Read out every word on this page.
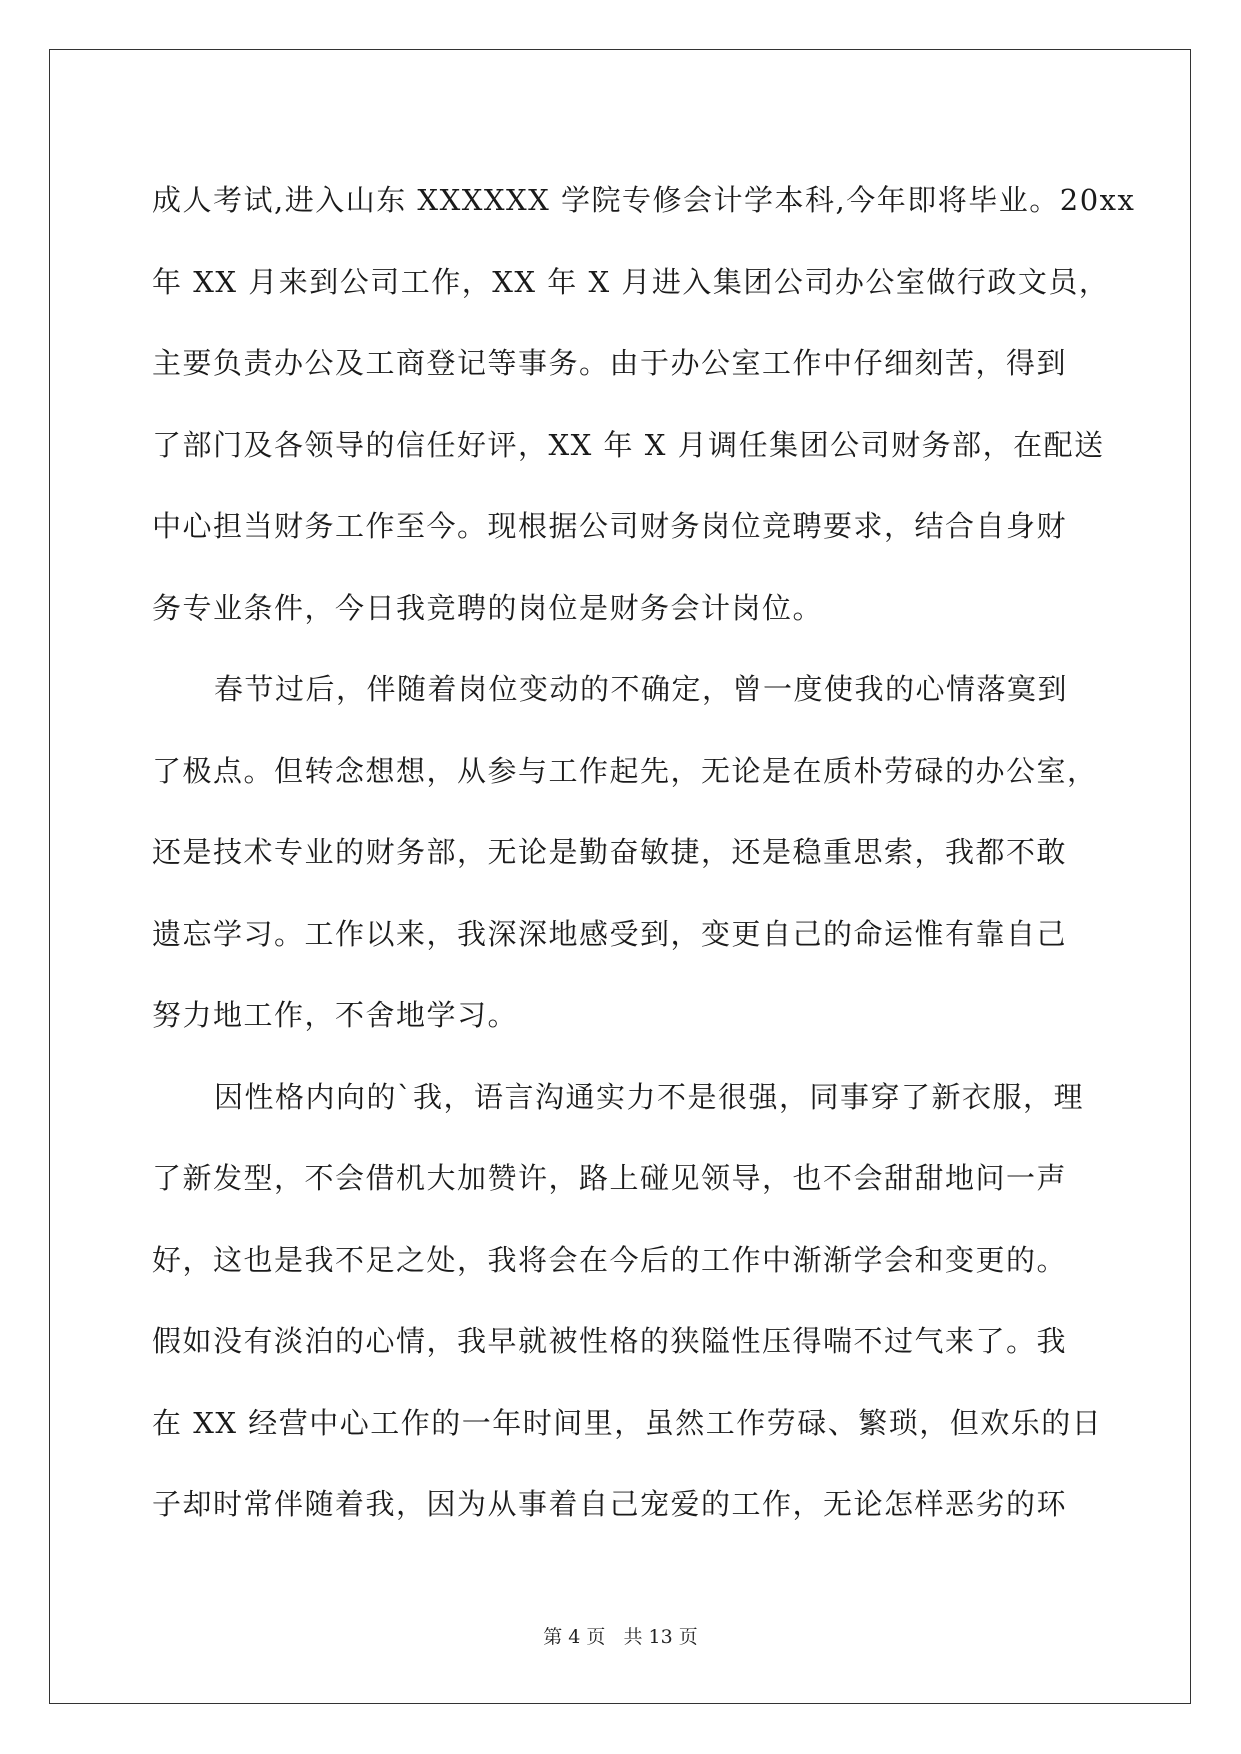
成人考试,进入山东 XXXXXX 学院专修会计学本科,今年即将毕业。20xx
年 XX 月来到公司工作，XX 年 X 月进入集团公司办公室做行政文员，
主要负责办公及工商登记等事务。由于办公室工作中仔细刻苦，得到
了部门及各领导的信任好评，XX 年 X 月调任集团公司财务部，在配送
中心担当财务工作至今。现根据公司财务岗位竞聘要求，结合自身财
务专业条件，今日我竞聘的岗位是财务会计岗位。
春节过后，伴随着岗位变动的不确定，曾一度使我的心情落寞到
了极点。但转念想想，从参与工作起先，无论是在质朴劳碌的办公室，
还是技术专业的财务部，无论是勤奋敏捷，还是稳重思索，我都不敢
遗忘学习。工作以来，我深深地感受到，变更自己的命运惟有靠自己
努力地工作，不舍地学习。
因性格内向的`我，语言沟通实力不是很强，同事穿了新衣服，理
了新发型，不会借机大加赞许，路上碰见领导，也不会甜甜地问一声
好，这也是我不足之处，我将会在今后的工作中渐渐学会和变更的。
假如没有淡泊的心情，我早就被性格的狭隘性压得喘不过气来了。我
在 XX 经营中心工作的一年时间里，虽然工作劳碌、繁琐，但欢乐的日
子却时常伴随着我，因为从事着自己宠爱的工作，无论怎样恶劣的环
第 4 页 共 13 页
